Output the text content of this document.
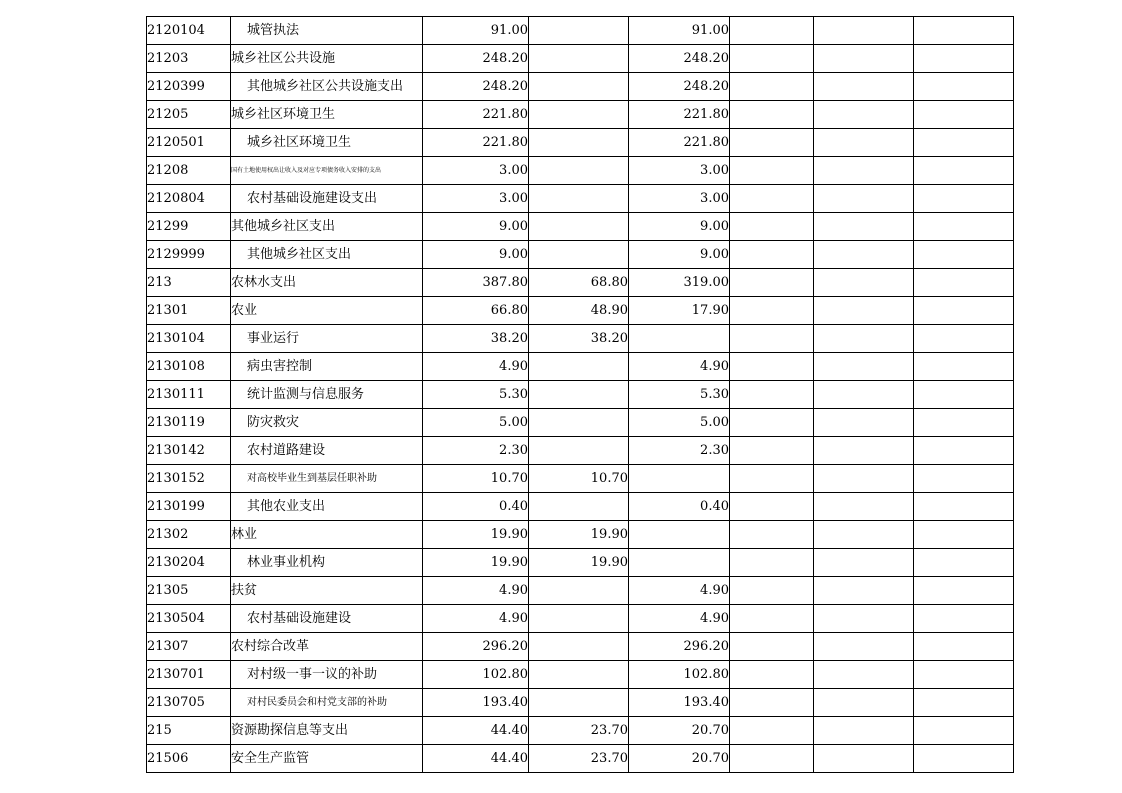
2120104	城管执法	91.00		91.00			
21203	城乡社区公共设施	248.20		248.20			
2120399	其他城乡社区公共设施支出	248.20		248.20			
21205	城乡社区环境卫生	221.80		221.80			
2120501	城乡社区环境卫生	221.80		221.80			
21208	国有土地使用权出让收入及对应专项债务收入安排的支出	3.00		3.00			
2120804	农村基础设施建设支出	3.00		3.00			
21299	其他城乡社区支出	9.00		9.00			
2129999	其他城乡社区支出	9.00		9.00			
213	农林水支出	387.80	68.80	319.00			
21301	农业	66.80	48.90	17.90			
2130104	事业运行	38.20	38.20				
2130108	病虫害控制	4.90		4.90			
2130111	统计监测与信息服务	5.30		5.30			
2130119	防灾救灾	5.00		5.00			
2130142	农村道路建设	2.30		2.30			
2130152	对高校毕业生到基层任职补助	10.70	10.70				
2130199	其他农业支出	0.40		0.40			
21302	林业	19.90	19.90				
2130204	林业事业机构	19.90	19.90				
21305	扶贫	4.90		4.90			
2130504	农村基础设施建设	4.90		4.90			
21307	农村综合改革	296.20		296.20			
2130701	对村级一事一议的补助	102.80		102.80			
2130705	对村民委员会和村党支部的补助	193.40		193.40			
215	资源勘探信息等支出	44.40	23.70	20.70			
21506	安全生产监管	44.40	23.70	20.70			
